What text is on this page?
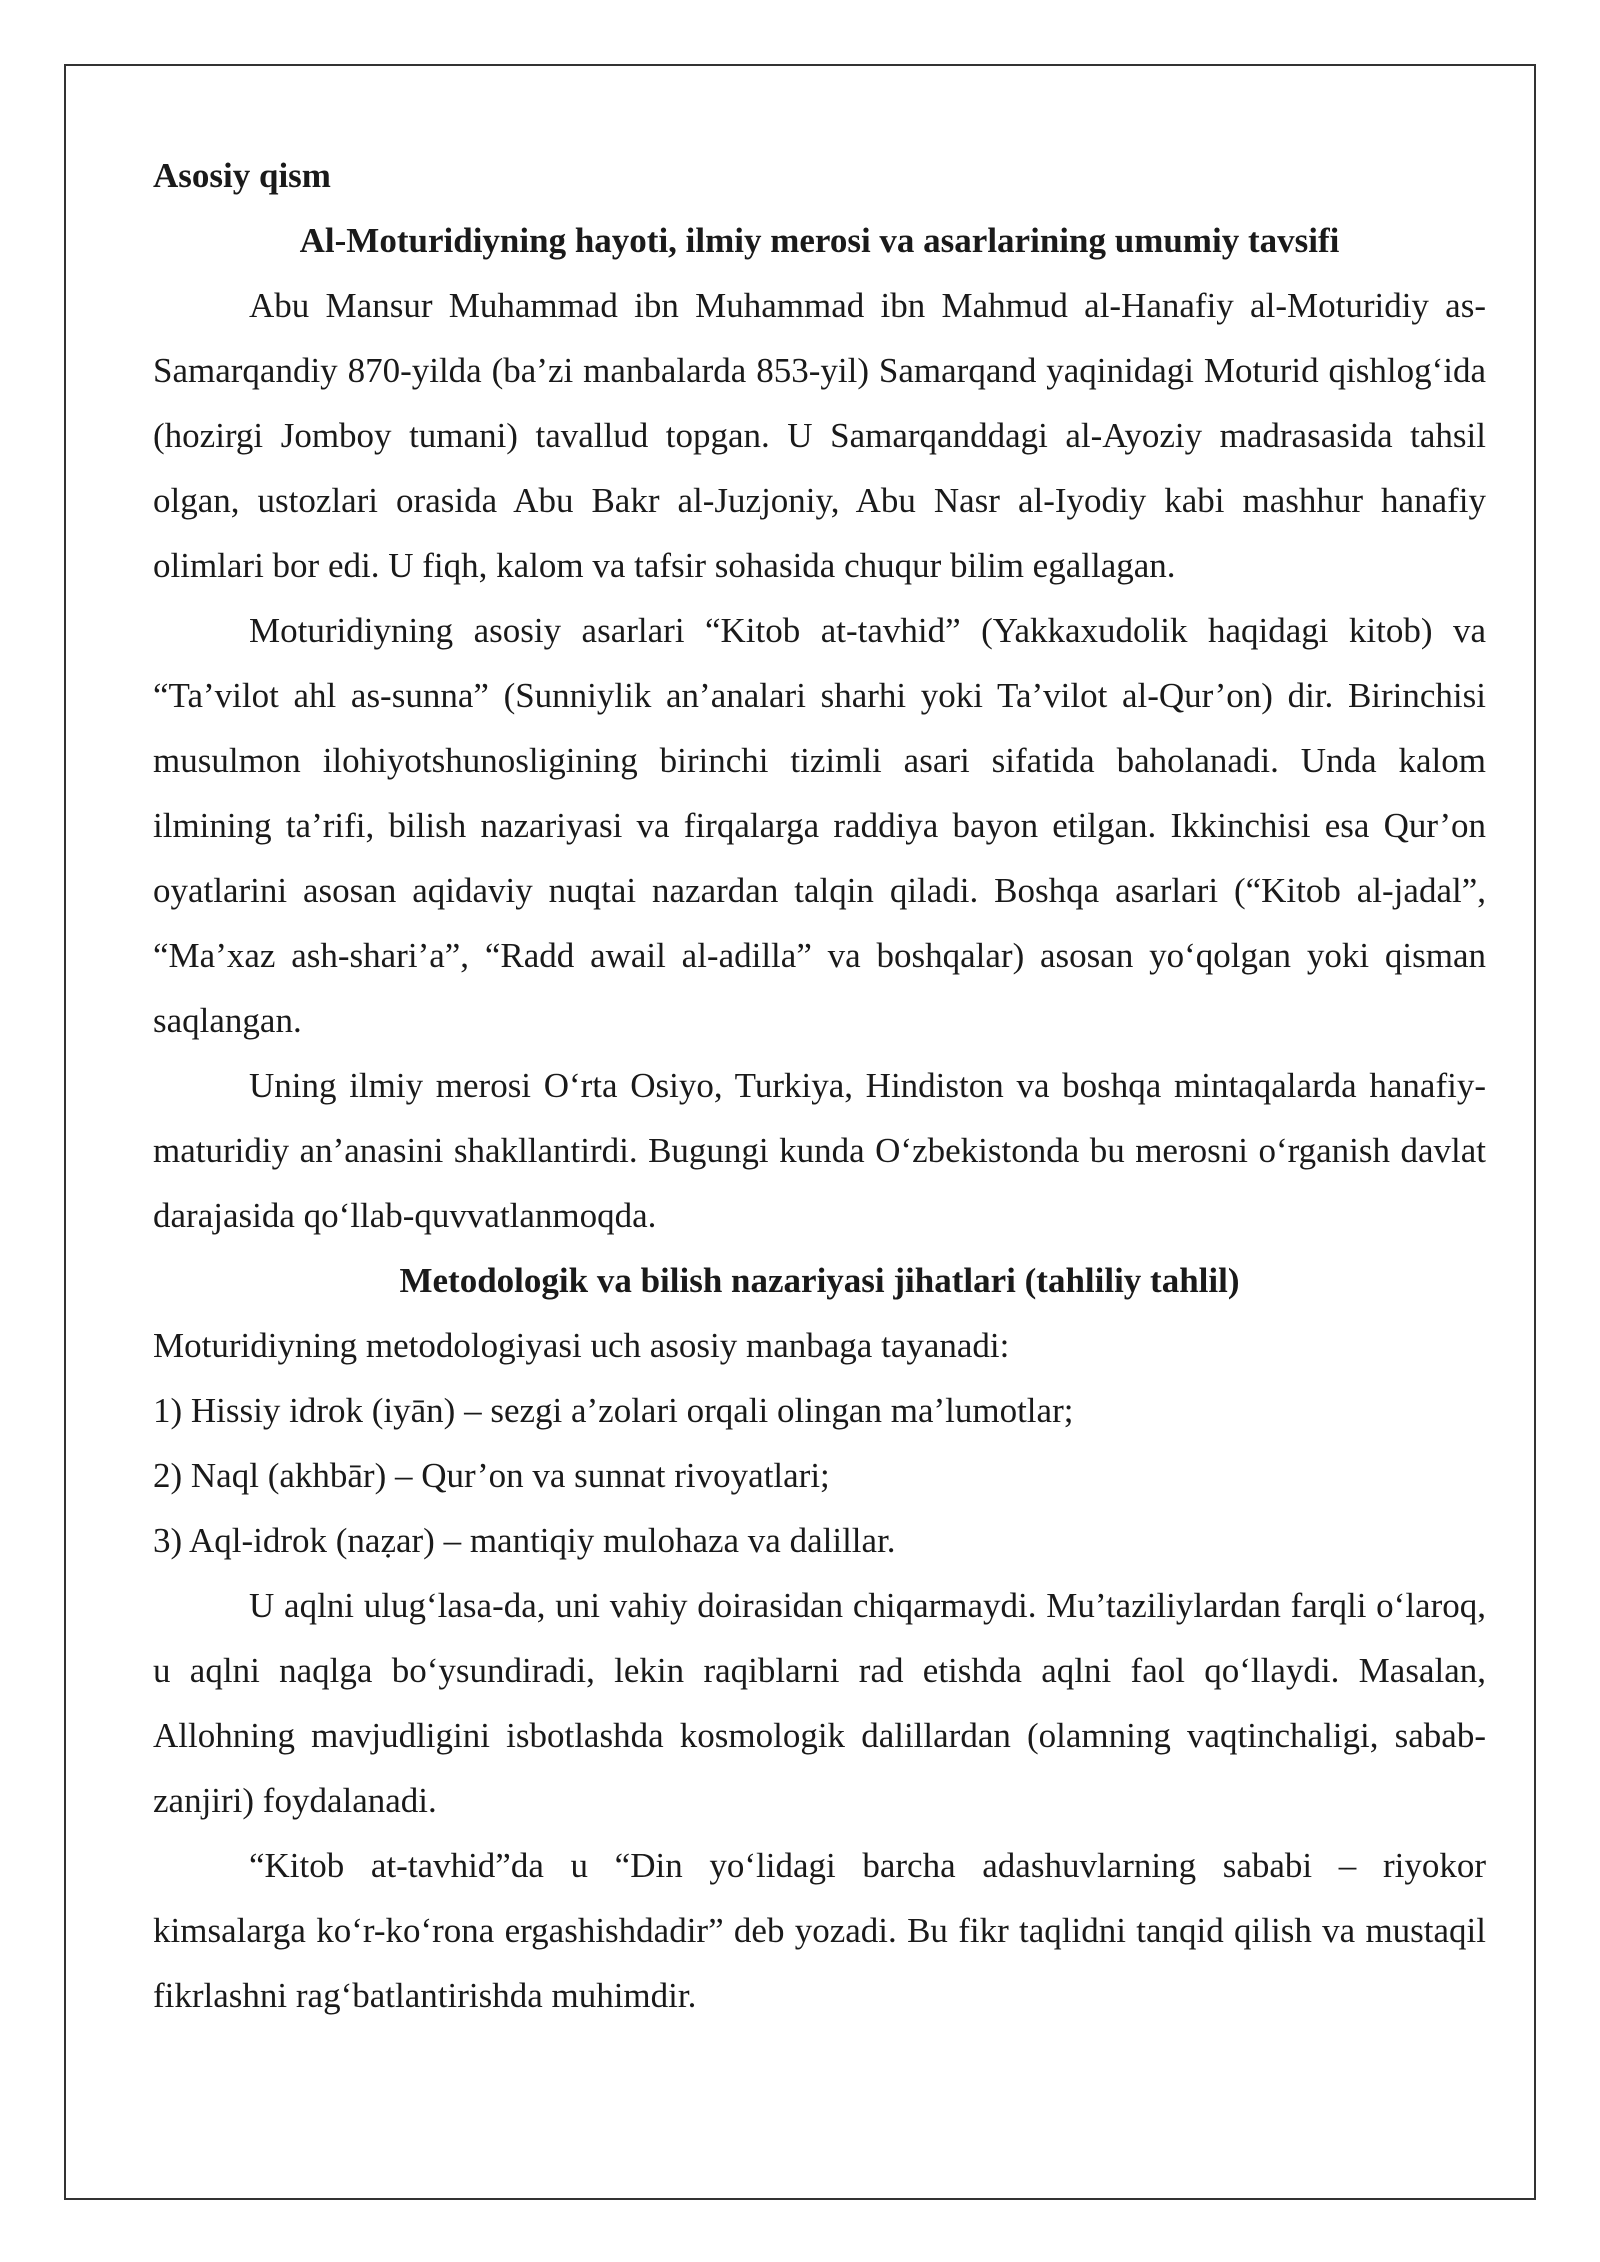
Asosiy qism

Al-Moturidiyning hayoti, ilmiy merosi va asarlarining umumiy tavsifi

Abu Mansur Muhammad ibn Muhammad ibn Mahmud al-Hanafiy al-Moturidiy as-Samarqandiy 870-yilda (ba’zi manbalarda 853-yil) Samarqand yaqinidagi Moturid qishlog‘ida (hozirgi Jomboy tumani) tavallud topgan. U Samarqanddagi al-Ayoziy madrasasida tahsil olgan, ustozlari orasida Abu Bakr al-Juzjoniy, Abu Nasr al-Iyodiy kabi mashhur hanafiy olimlari bor edi. U fiqh, kalom va tafsir sohasida chuqur bilim egallagan.

Moturidiyning asosiy asarlari “Kitob at-tavhid” (Yakkaxudolik haqidagi kitob) va “Ta’vilot ahl as-sunna” (Sunniylik an’analari sharhi yoki Ta’vilot al-Qur’on) dir. Birinchisi musulmon ilohiyotshunosligining birinchi tizimli asari sifatida baholanadi. Unda kalom ilmining ta’rifi, bilish nazariyasi va firqalarga raddiya bayon etilgan. Ikkinchisi esa Qur’on oyatlarini asosan aqidaviy nuqtai nazardan talqin qiladi. Boshqa asarlari (“Kitob al-jadal”, “Ma’xaz ash-shari’a”, “Radd awail al-adilla” va boshqalar) asosan yo‘qolgan yoki qisman saqlangan.

Uning ilmiy merosi O‘rta Osiyo, Turkiya, Hindiston va boshqa mintaqalarda hanafiy-maturidiy an’anasini shakllantirdi. Bugungi kunda O‘zbekistonda bu merosni o‘rganish davlat darajasida qo‘llab-quvvatlanmoqda.

Metodologik va bilish nazariyasi jihatlari (tahliliy tahlil)

Moturidiyning metodologiyasi uch asosiy manbaga tayanadi:

1) Hissiy idrok (iyān) – sezgi a’zolari orqali olingan ma’lumotlar;

2) Naql (akhbār) – Qur’on va sunnat rivoyatlari;

3) Aql-idrok (naẓar) – mantiqiy mulohaza va dalillar.

U aqlni ulug‘lasa-da, uni vahiy doirasidan chiqarmaydi. Mu’taziliylardan farqli o‘laroq, u aqlni naqlga bo‘ysundiradi, lekin raqiblarni rad etishda aqlni faol qo‘llaydi. Masalan, Allohning mavjudligini isbotlashda kosmologik dalillardan (olamning vaqtinchaligi, sabab-zanjiri) foydalanadi.

“Kitob at-tavhid”da u “Din yo‘lidagi barcha adashuvlarning sababi – riyokor kimsalarga ko‘r-ko‘rona ergashishdadir” deb yozadi. Bu fikr taqlidni tanqid qilish va mustaqil fikrlashni rag‘batlantirishda muhimdir.
